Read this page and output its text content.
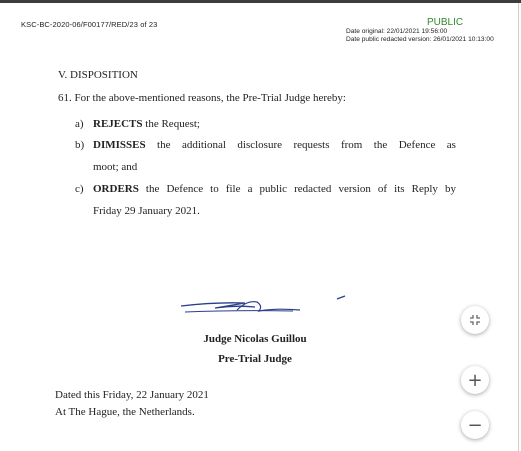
KSC-BC-2020-06/F00177/RED/23 of 23	PUBLIC
Date original: 22/01/2021 19:56:00
Date public redacted version: 26/01/2021 10:13:00
V. DISPOSITION
61. For the above-mentioned reasons, the Pre-Trial Judge hereby:
a) REJECTS the Request;
b) DIMISSES the additional disclosure requests from the Defence as
moot; and
c) ORDERS the Defence to file a public redacted version of its Reply by
Friday 29 January 2021.
Judge Nicolas Guillou
Pre-Trial Judge
Dated this Friday, 22 January 2021
At The Hague, the Netherlands.
+
−
